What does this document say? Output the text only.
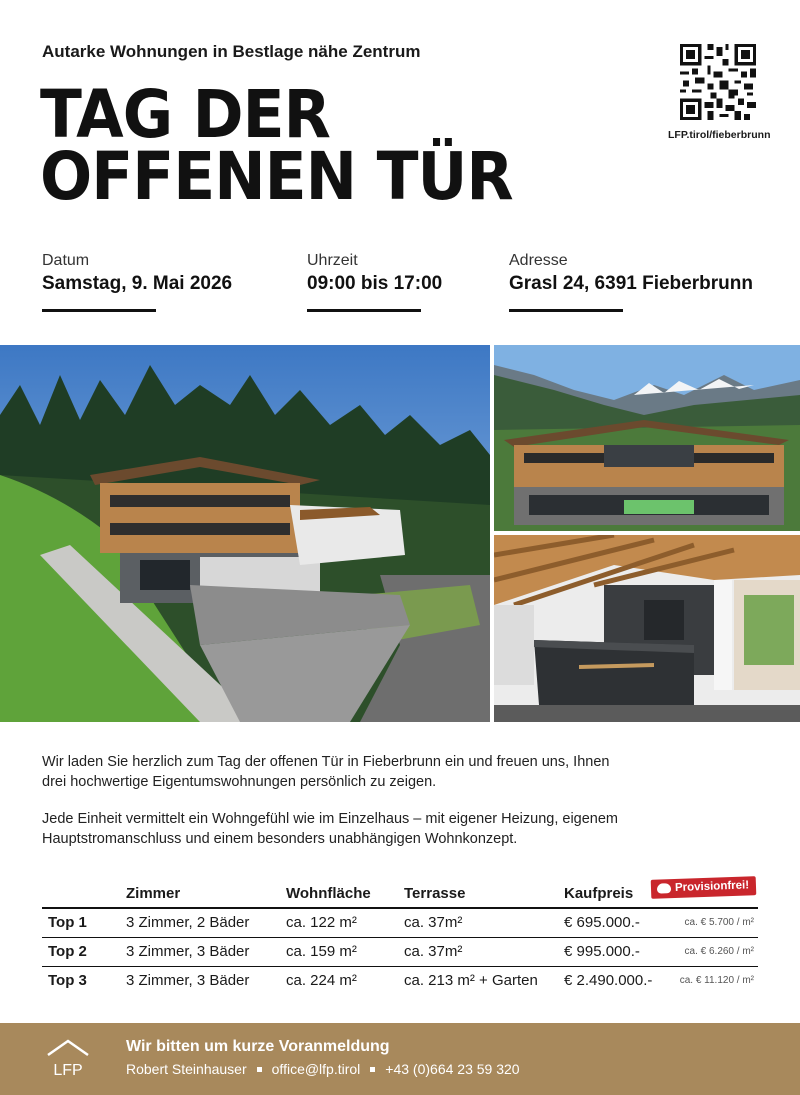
Autarke Wohnungen in Bestlage nähe Zentrum
TAG DER
OFFENEN TÜR
LFP.tirol/fieberbrunn
Datum
Samstag, 9. Mai 2026
Uhrzeit
09:00 bis 17:00
Adresse
Grasl 24, 6391 Fieberbrunn

Wir laden Sie herzlich zum Tag der offenen Tür in Fieberbrunn ein und freuen uns, Ihnen drei hochwertige Eigentumswohnungen persönlich zu zeigen.

Jede Einheit vermittelt ein Wohngefühl wie im Einzelhaus – mit eigener Heizung, eigenem Hauptstromanschluss und einem besonders unabhängigen Wohnkonzept.

	Zimmer	Wohnfläche	Terrasse	Kaufpreis	
Top 1	3 Zimmer, 2 Bäder	ca. 122 m²	ca. 37m²	€ 695.000.-	ca. € 5.700 / m²
Top 2	3 Zimmer, 3 Bäder	ca. 159 m²	ca. 37m²	€ 995.000.-	ca. € 6.260 / m²
Top 3	3 Zimmer, 3 Bäder	ca. 224 m²	ca. 213 m² + Garten	€ 2.490.000.-	ca. € 11.120 / m²
Provisionfrei!
LFP
Wir bitten um kurze Voranmeldung
Robert Steinhauser office@lfp.tirol +43 (0)664 23 59 320
